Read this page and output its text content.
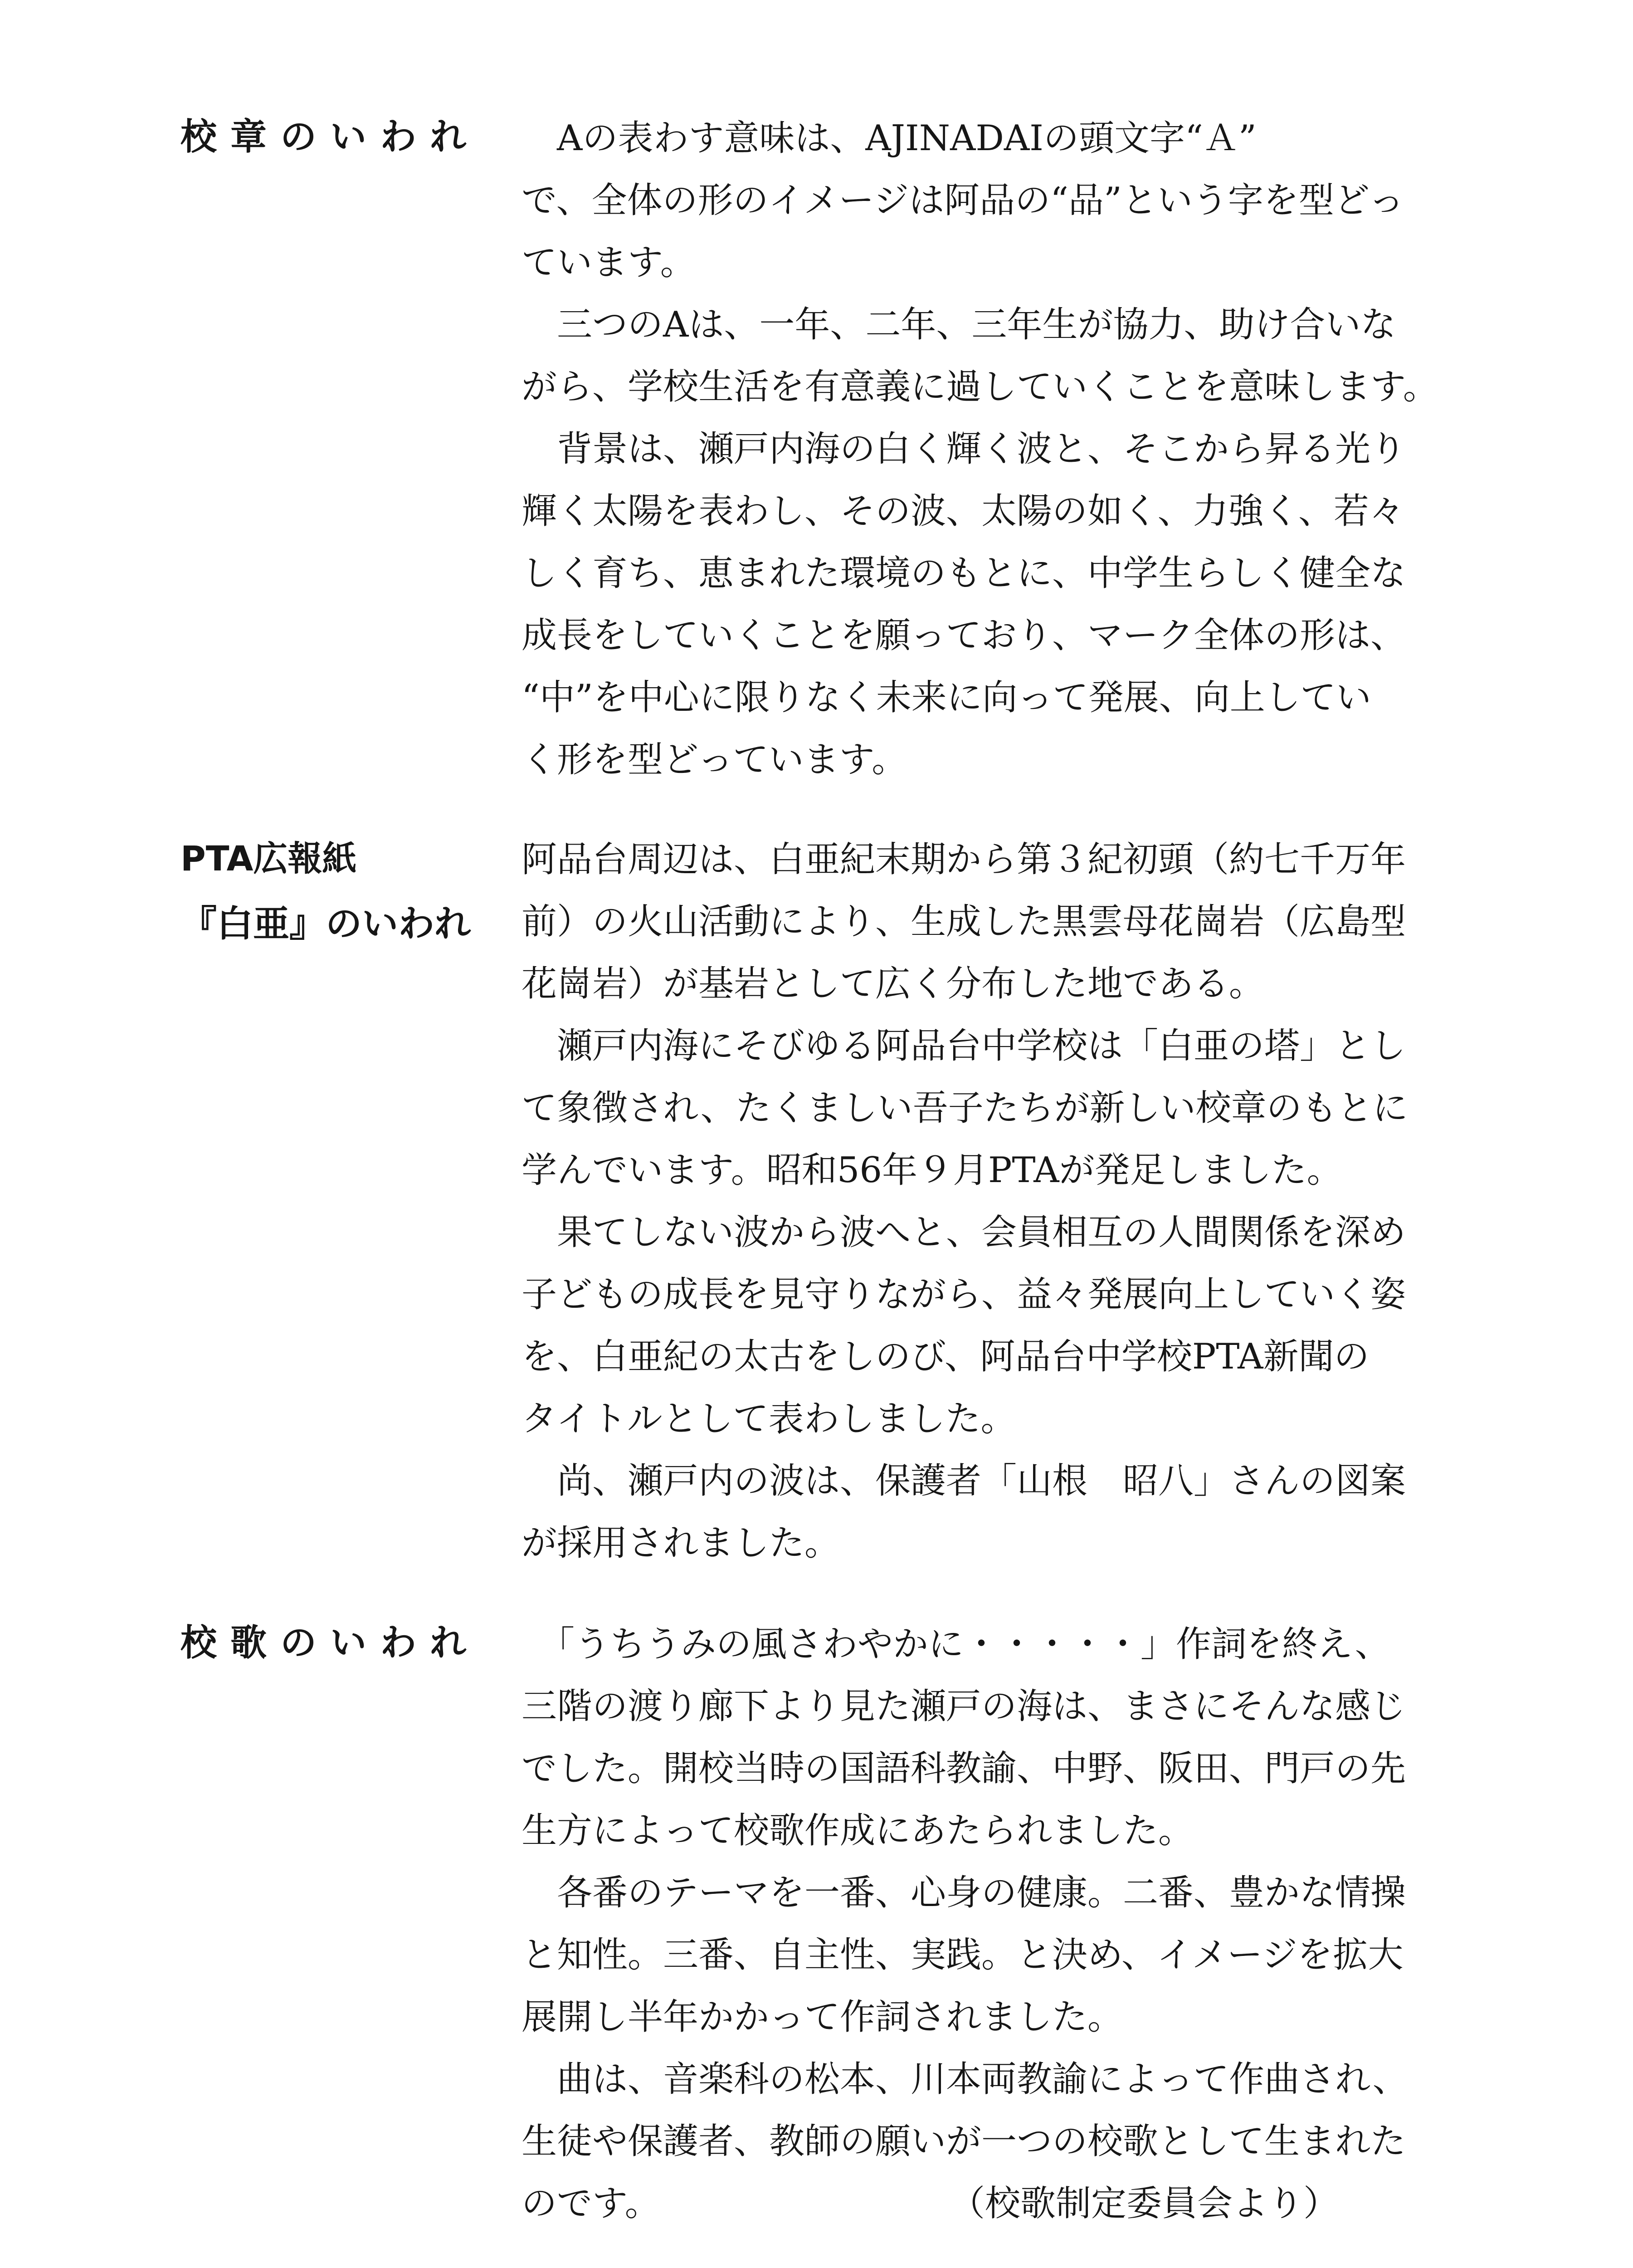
校章のいわれ 　Aの表わす意味は、AJINADAIの頭文字“Ａ”
で、全体の形のイメージは阿品の“品”という字を型どっ
ています。
　三つのAは、一年、二年、三年生が協力、助け合いな
がら、学校生活を有意義に過していくことを意味します。
　背景は、瀬戸内海の白く輝く波と、そこから昇る光り
輝く太陽を表わし、その波、太陽の如く、力強く、若々
しく育ち、恵まれた環境のもとに、中学生らしく健全な
成長をしていくことを願っており、マーク全体の形は、
“中”を中心に限りなく未来に向って発展、向上してい
く形を型どっています。
PTA広報紙
『白亜』のいわれ
阿品台周辺は、白亜紀末期から第３紀初頭（約七千万年
前）の火山活動により、生成した黒雲母花崗岩（広島型
花崗岩）が基岩として広く分布した地である。
　瀬戸内海にそびゆる阿品台中学校は「白亜の塔」とし
て象徴され、たくましい吾子たちが新しい校章のもとに
学んでいます。昭和56年９月PTAが発足しました。
　果てしない波から波へと、会員相互の人間関係を深め
子どもの成長を見守りながら、益々発展向上していく姿
を、白亜紀の太古をしのび、阿品台中学校PTA新聞の
タイトルとして表わしました。
　尚、瀬戸内の波は、保護者「山根　昭八」さんの図案
が採用されました。
校歌のいわれ 　「うちうみの風さわやかに・・・・・」作詞を終え、
三階の渡り廊下より見た瀬戸の海は、まさにそんな感じ
でした。開校当時の国語科教諭、中野、阪田、門戸の先
生方によって校歌作成にあたられました。
　各番のテーマを一番、心身の健康。二番、豊かな情操
と知性。三番、自主性、実践。と決め、イメージを拡大
展開し半年かかって作詞されました。
　曲は、音楽科の松本、川本両教諭によって作曲され、
生徒や保護者、教師の願いが一つの校歌として生まれた
のです。	（校歌制定委員会より）
